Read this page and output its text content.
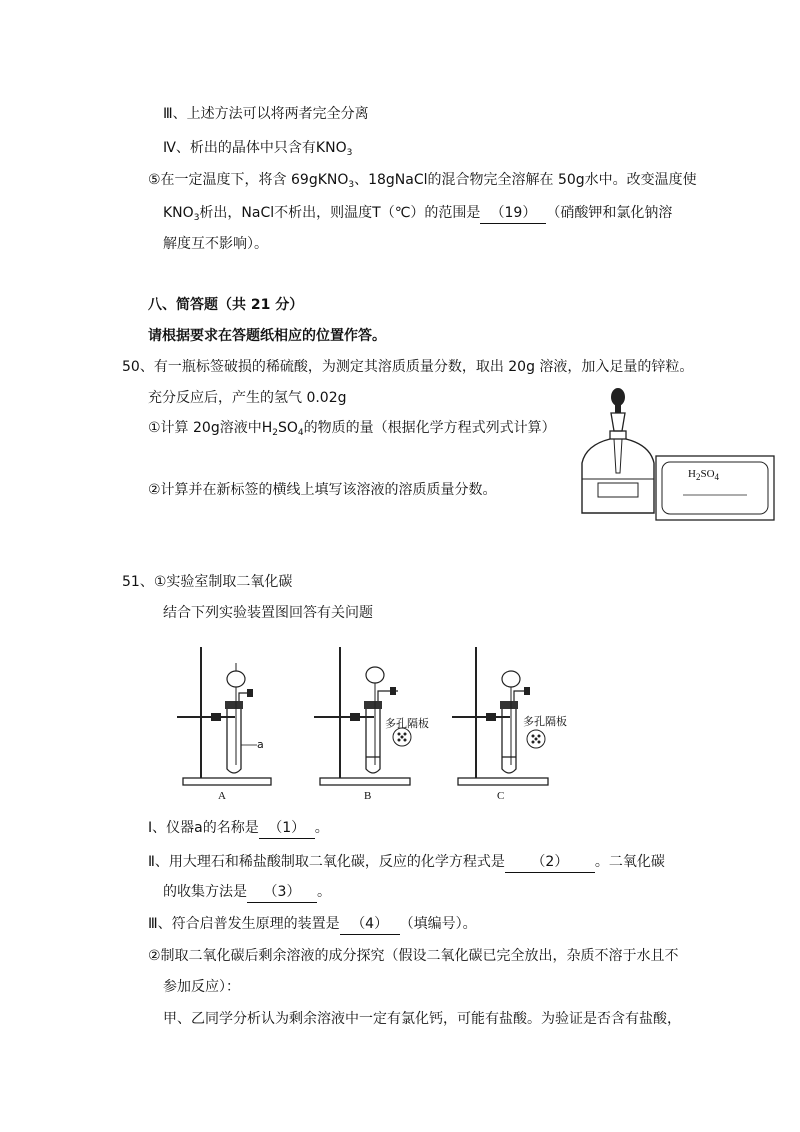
Ⅲ、上述方法可以将两者完全分离
Ⅳ、析出的晶体中只含有$KNO_3$
⑤在一定温度下，将含 69gKNO$_3$、18gNaCl的混合物完全溶解在 50g水中。改变温度使
$KNO_3$析出，NaCl不析出，则温度T（℃）的范围是 （19） （硝酸钾和氯化钠溶
解度互不影响）。
八、简答题（共 21 分）
请根据要求在答题纸相应的位置作答。
50、有一瓶标签破损的稀硫酸，为测定其溶质质量分数，取出 20g 溶液，加入足量的锌粒。
充分反应后，产生的氢气 0.02g
①计算 20g溶液中$H_2SO_4$的物质的量（根据化学方程式列式计算）
②计算并在新标签的横线上填写该溶液的溶质质量分数。
$H_2SO_4$
51、①实验室制取二氧化碳
结合下列实验装置图回答有关问题
a
A
多孔隔板
B
多孔隔板
C
Ⅰ、仪器a的名称是 （1） 。
Ⅱ、用大理石和稀盐酸制取二氧化碳，反应的化学方程式是 （2） 。二氧化碳
的收集方法是 （3） 。
Ⅲ、符合启普发生原理的装置是 （4） （填编号）。
②制取二氧化碳后剩余溶液的成分探究（假设二氧化碳已完全放出，杂质不溶于水且不
参加反应）：
甲、乙同学分析认为剩余溶液中一定有氯化钙，可能有盐酸。为验证是否含有盐酸，
